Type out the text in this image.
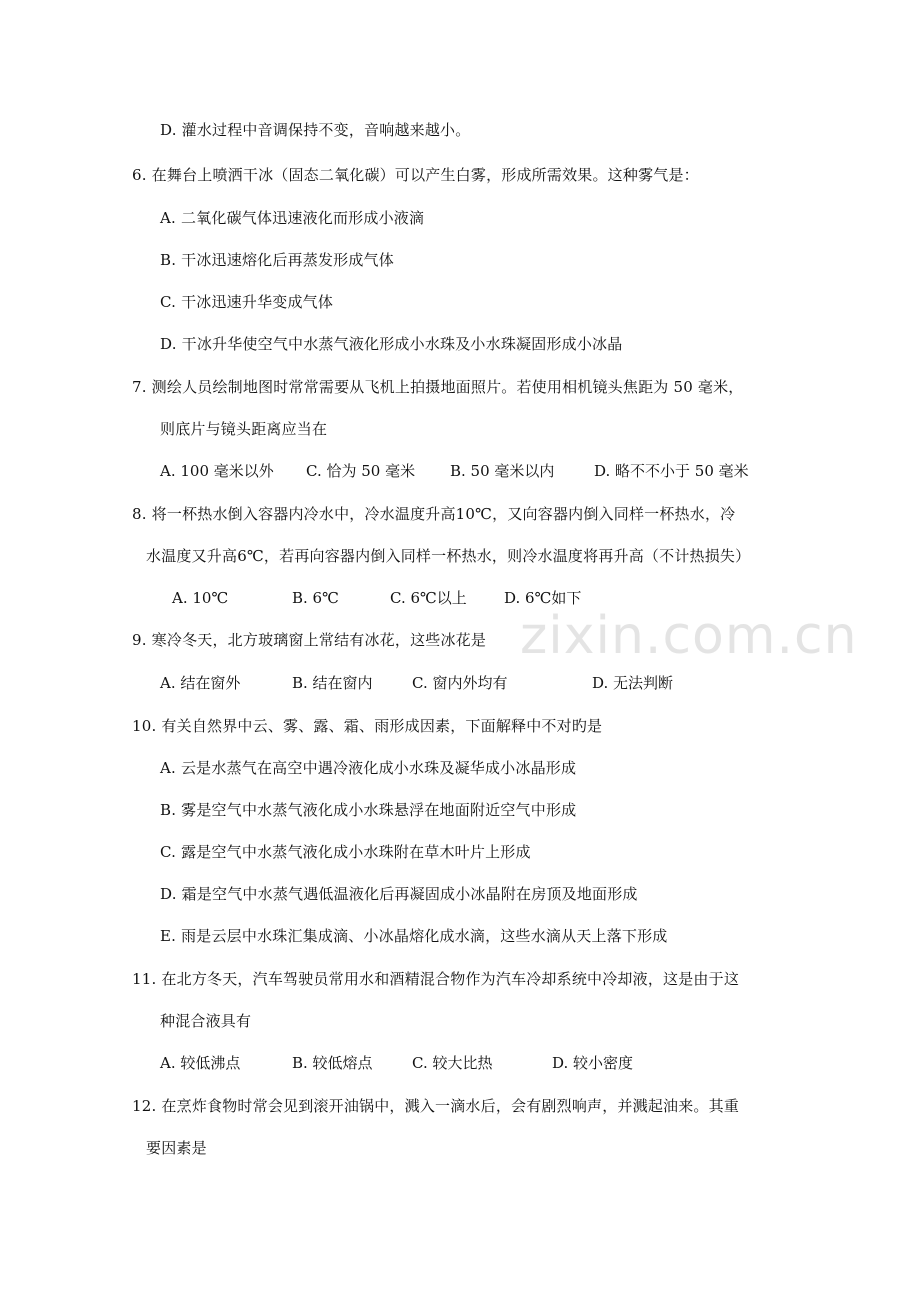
zixin.com.cn
D. 灌水过程中音调保持不变，音响越来越小。
6. 在舞台上喷洒干冰（固态二氧化碳）可以产生白雾，形成所需效果。这种雾气是：
A. 二氧化碳气体迅速液化而形成小液滴
B. 干冰迅速熔化后再蒸发形成气体
C. 干冰迅速升华变成气体
D. 干冰升华使空气中水蒸气液化形成小水珠及小水珠凝固形成小冰晶
7. 测绘人员绘制地图时常常需要从飞机上拍摄地面照片。若使用相机镜头焦距为 50 毫米，
则底片与镜头距离应当在
A. 100 毫米以外 C. 恰为 50 毫米 B. 50 毫米以内	D. 略不不小于 50 毫米
8. 将一杯热水倒入容器内冷水中，冷水温度升高10℃，又向容器内倒入同样一杯热水，冷
水温度又升高6℃，若再向容器内倒入同样一杯热水，则冷水温度将再升高（不计热损失）
A. 10℃	B. 6℃	C. 6℃以上 D. 6℃如下
9. 寒冷冬天，北方玻璃窗上常结有冰花，这些冰花是
A. 结在窗外	B. 结在窗内	C. 窗内外均有	D. 无法判断
10. 有关自然界中云、雾、露、霜、雨形成因素，下面解释中不对旳是
A. 云是水蒸气在高空中遇冷液化成小水珠及凝华成小冰晶形成
B. 雾是空气中水蒸气液化成小水珠悬浮在地面附近空气中形成
C. 露是空气中水蒸气液化成小水珠附在草木叶片上形成
D. 霜是空气中水蒸气遇低温液化后再凝固成小冰晶附在房顶及地面形成
E. 雨是云层中水珠汇集成滴、小冰晶熔化成水滴，这些水滴从天上落下形成
11. 在北方冬天，汽车驾驶员常用水和酒精混合物作为汽车冷却系统中冷却液，这是由于这
种混合液具有
A. 较低沸点	B. 较低熔点	C. 较大比热	D. 较小密度
12. 在烹炸食物时常会见到滚开油锅中，溅入一滴水后，会有剧烈响声，并溅起油来。其重
要因素是
